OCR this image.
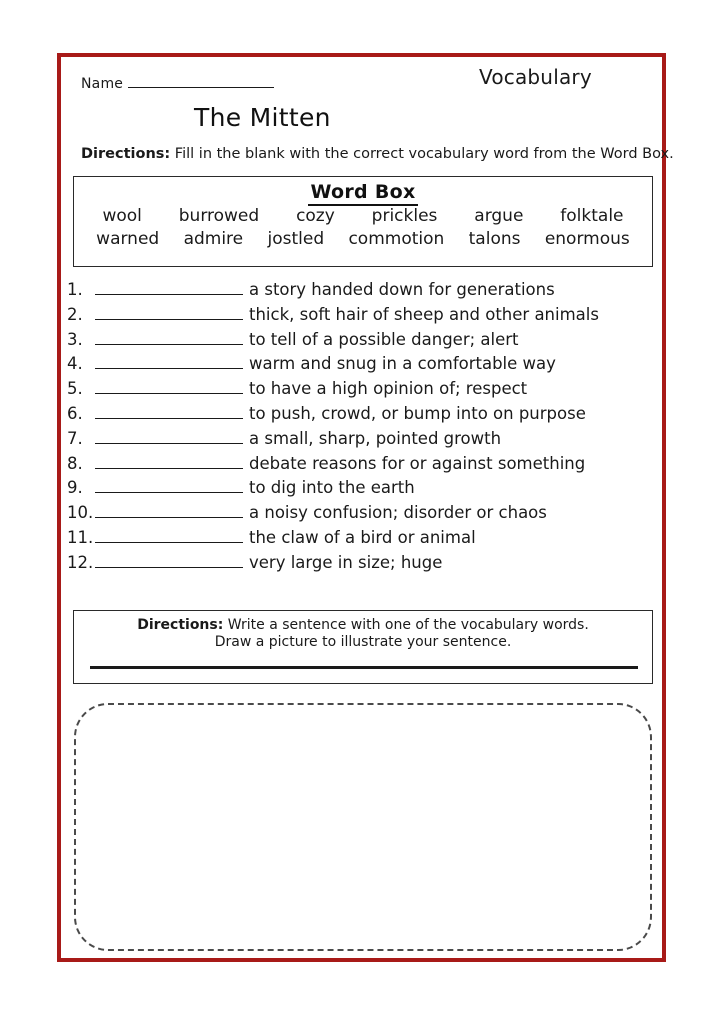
Name	Vocabulary
The Mitten
Directions: Fill in the blank with the correct vocabulary word from the Word Box.
Word Box
wool burrowed cozy prickles argue folktale
warned admire jostled commotion talons enormous
1.	a story handed down for generations
2.	thick, soft hair of sheep and other animals
3.	to tell of a possible danger; alert
4.	warm and snug in a comfortable way
5.	to have a high opinion of; respect
6.	to push, crowd, or bump into on purpose
7.	a small, sharp, pointed growth
8.	debate reasons for or against something
9.	to dig into the earth
10.	a noisy confusion; disorder or chaos
11.	the claw of a bird or animal
12.	very large in size; huge
Directions: Write a sentence with one of the vocabulary words.
Draw a picture to illustrate your sentence.
